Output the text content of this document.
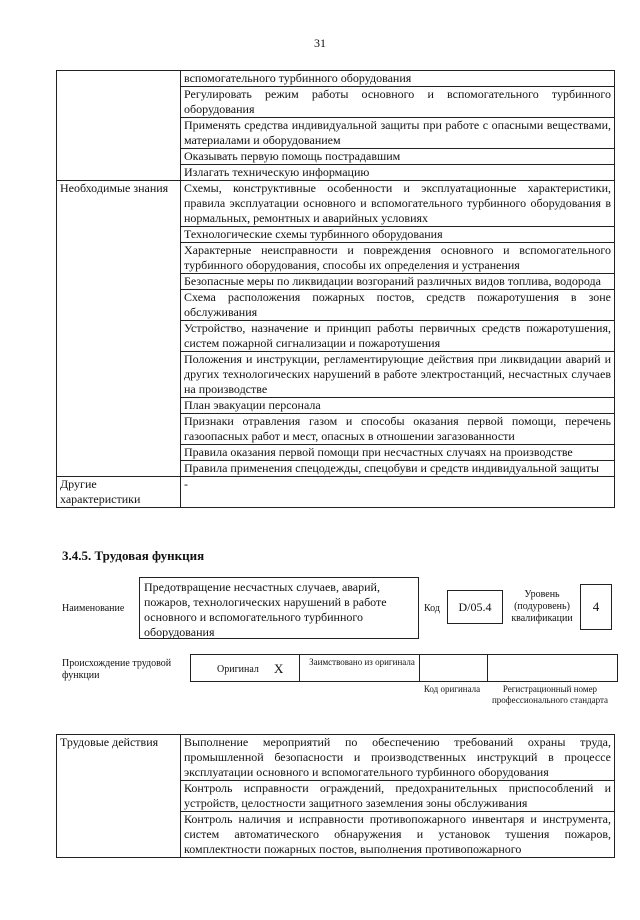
31
	вспомогательного турбинного оборудования
	Регулировать режим работы основного и вспомогательного турбинного оборудования
	Применять средства индивидуальной защиты при работе с опасными веществами, материалами и оборудованием
	Оказывать первую помощь пострадавшим
	Излагать техническую информацию
Необходимые знания	Схемы, конструктивные особенности и эксплуатационные характеристики, правила эксплуатации основного и вспомогательного турбинного оборудования в нормальных, ремонтных и аварийных условиях
	Технологические схемы турбинного оборудования
	Характерные неисправности и повреждения основного и вспомогательного турбинного оборудования, способы их определения и устранения
	Безопасные меры по ликвидации возгораний различных видов топлива, водорода
	Схема расположения пожарных постов, средств пожаротушения в зоне обслуживания
	Устройство, назначение и принцип работы первичных средств пожаротушения, систем пожарной сигнализации и пожаротушения
	Положения и инструкции, регламентирующие действия при ликвидации аварий и других технологических нарушений в работе электростанций, несчастных случаев на производстве
	План эвакуации персонала
	Признаки отравления газом и способы оказания первой помощи, перечень газоопасных работ и мест, опасных в отношении загазованности
	Правила оказания первой помощи при несчастных случаях на производстве
	Правила применения спецодежды, спецобуви и средств индивидуальной защиты
Другие характеристики	-
3.4.5. Трудовая функция
Наименование
Предотвращение несчастных случаев, аварий, пожаров, технологических нарушений в работе основного и вспомогательного турбинного оборудования
Код	D/05.4
Уровень (подуровень) квалификации
4
Происхождение трудовой функции
Оригинал X	Заимствовано из оригинала
Код оригинала	Регистрационный номер профессионального стандарта
Трудовые действия	Выполнение мероприятий по обеспечению требований охраны труда, промышленной безопасности и производственных инструкций в процессе эксплуатации основного и вспомогательного турбинного оборудования
Контроль исправности ограждений, предохранительных приспособлений и устройств, целостности защитного заземления зоны обслуживания
Контроль наличия и исправности противопожарного инвентаря и инструмента, систем автоматического обнаружения и установок тушения пожаров, комплектности пожарных постов, выполнения противопожарного
